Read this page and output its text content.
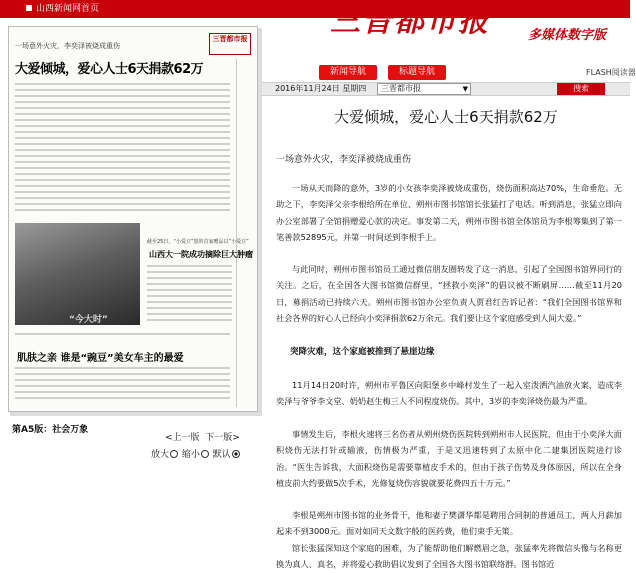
山西新闻网首页	三晋都市报	多媒体数字版
新闻导航	标题导航	FLASH阅读器
2016年11月24日 星期四	三晋都市报	▼	搜索
一场意外火灾，李奕泽被烧成重伤
大爱倾城，爱心人士6天捐款62万
三晋都市报
“今大时”
截至25日，“小爱豆”患的首家赠品以“小爱豆”
山西大一院成功摘除巨大肿瘤
肌肤之亲 谁是“豌豆”美女车主的最爱
第A5版：社会万象
<上一版 下一版>
放大 缩小 默认
大爱倾城，爱心人士6天捐款62万
一场意外火灾，李奕泽被烧成重伤
一场从天而降的意外，3岁的小女孩李奕泽被烧成重伤，烧伤面积高达70%，生命垂危。无助之下，李奕泽父亲李根给所在单位、朔州市图书馆馆长张猛打了电话。听到消息，张猛立即向办公室部署了全馆捐赠爱心款的决定。事发第二天，朔州市图书馆全体馆员为李根筹集到了第一笔善款52895元，并第一时间送到李根手上。
与此同时，朔州市图书馆员工通过微信朋友圈转发了这一消息，引起了全国图书馆界同行的关注。之后，在全国各大图书馆微信群里，“拯救小奕泽”的倡议被不断刷屏……截至11月20日，募捐活动已持续六天。朔州市图书馆办公室负责人贾君红告诉记者：“我们全国图书馆界和社会各界的好心人已经向小奕泽捐款62万余元。我们要让这个家庭感受到人间大爱。”
突降灾难，这个家庭被推到了悬崖边缘
11月14日20时许，朔州市平鲁区向阳堡乡中峰村发生了一起入室泼洒汽油放火案，造成李奕泽与爷爷李文堂、奶奶赵生梅三人不同程度烧伤。其中，3岁的李奕泽烧伤最为严重。
事情发生后，李根火速将三名伤者从朔州烧伤医院转到朔州市人民医院，但由于小奕泽大面积烧伤无法打针或输液，伤情极为严重，于是又迅速转到了太原中化二建集团医院进行诊治。“医生告诉我，大面积烧伤是需要靠植皮手术的，但由于孩子伤势及身体原因，所以在全身植皮前大约要做5次手术，光修复烧伤容貌就要花费四五十万元。”
李根是朔州市图书馆的业务骨干，他和妻子樊潇华都是聘用合同制的普通员工，两人月薪加起来不到3000元。面对如同天文数字般的医药费，他们束手无策。
馆长张猛深知这个家庭的困难，为了能帮助他们解燃眉之急，张猛率先将微信头像与名称更换为真人、真名，并将爱心救助倡议发到了全国各大图书馆联络群。图书馆近
